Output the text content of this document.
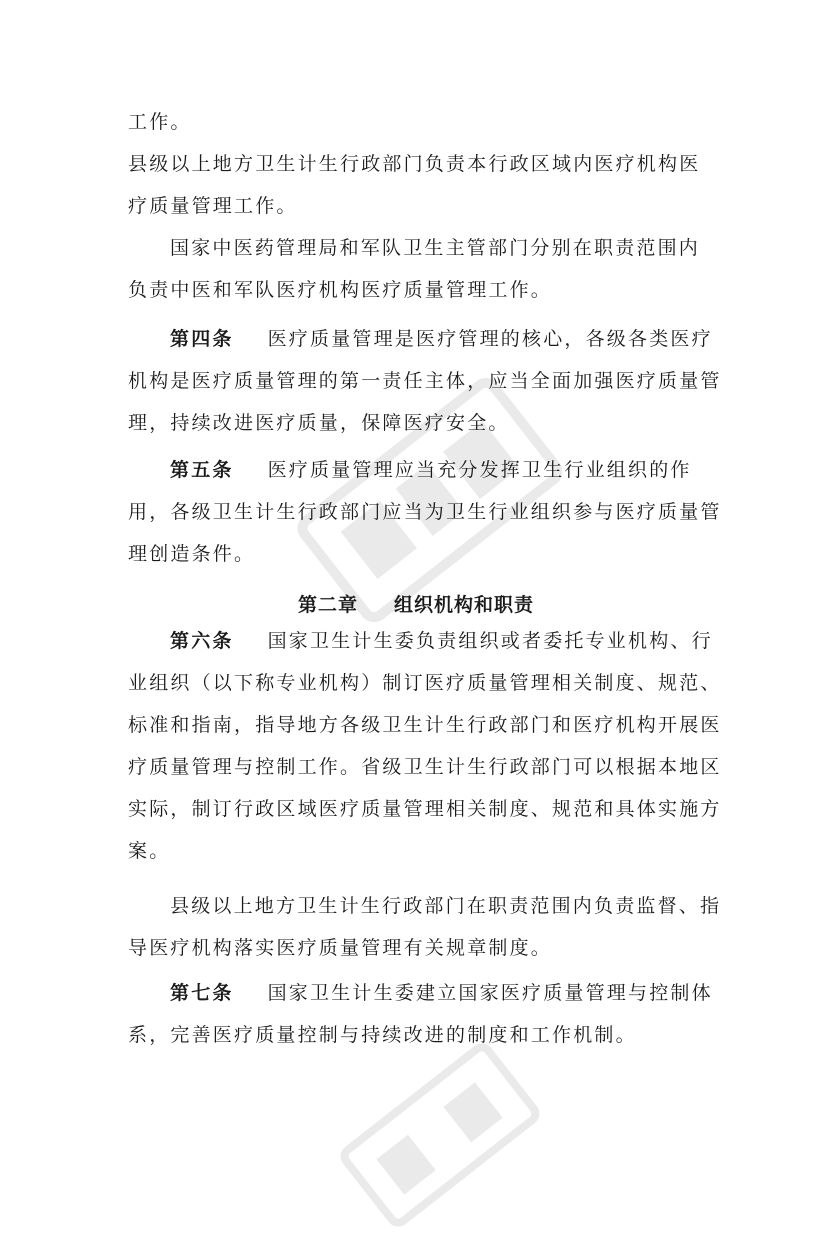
工作。
县级以上地方卫生计生行政部门负责本行政区域内医疗机构医
疗质量管理工作。
国家中医药管理局和军队卫生主管部门分别在职责范围内
负责中医和军队医疗机构医疗质量管理工作。
第四条 医疗质量管理是医疗管理的核心，各级各类医疗
机构是医疗质量管理的第一责任主体，应当全面加强医疗质量管
理，持续改进医疗质量，保障医疗安全。
第五条 医疗质量管理应当充分发挥卫生行业组织的作
用，各级卫生计生行政部门应当为卫生行业组织参与医疗质量管
理创造条件。
第二章 组织机构和职责
第六条 国家卫生计生委负责组织或者委托专业机构、行
业组织（以下称专业机构）制订医疗质量管理相关制度、规范、
标准和指南，指导地方各级卫生计生行政部门和医疗机构开展医
疗质量管理与控制工作。省级卫生计生行政部门可以根据本地区
实际，制订行政区域医疗质量管理相关制度、规范和具体实施方
案。
县级以上地方卫生计生行政部门在职责范围内负责监督、指
导医疗机构落实医疗质量管理有关规章制度。
第七条 国家卫生计生委建立国家医疗质量管理与控制体
系，完善医疗质量控制与持续改进的制度和工作机制。
